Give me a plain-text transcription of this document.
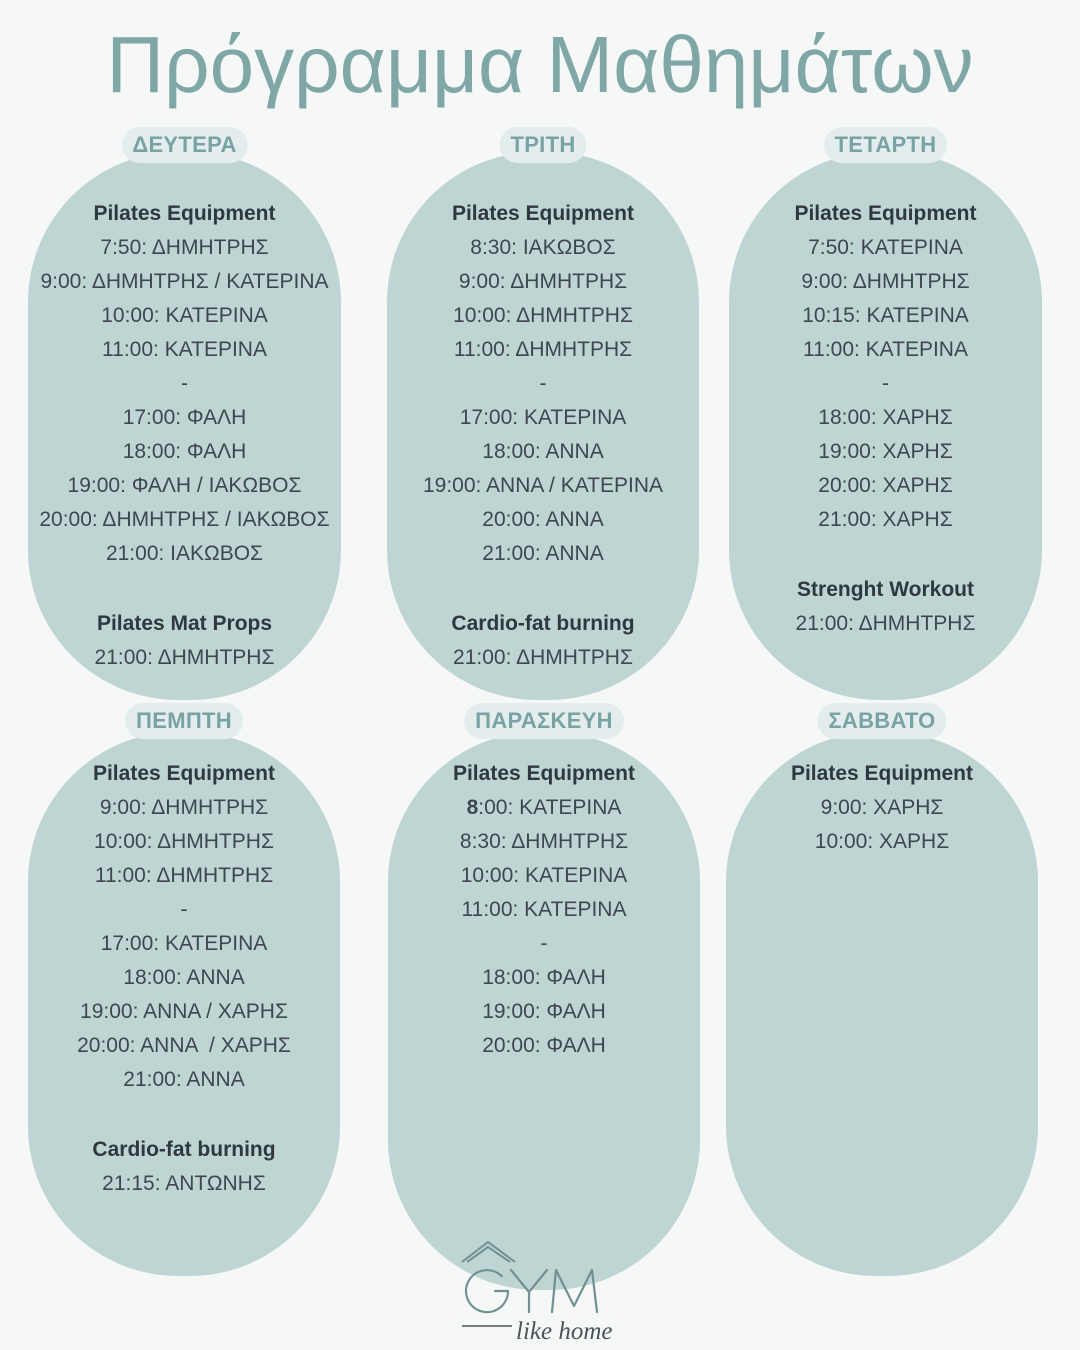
Πρόγραμμα Μαθημάτων
ΔΕΥΤΕΡΑ
Pilates Equipment
7:50: ΔΗΜΗΤΡΗΣ
9:00: ΔΗΜΗΤΡΗΣ / ΚΑΤΕΡΙΝΑ
10:00: ΚΑΤΕΡΙΝΑ
11:00: ΚΑΤΕΡΙΝΑ
-
17:00: ΦΑΛΗ
18:00: ΦΑΛΗ
19:00: ΦΑΛΗ / ΙΑΚΩΒΟΣ
20:00: ΔΗΜΗΤΡΗΣ / ΙΑΚΩΒΟΣ
21:00: ΙΑΚΩΒΟΣ
Pilates Mat Props
21:00: ΔΗΜΗΤΡΗΣ
ΤΡΙΤΗ
Pilates Equipment
8:30: ΙΑΚΩΒΟΣ
9:00: ΔΗΜΗΤΡΗΣ
10:00: ΔΗΜΗΤΡΗΣ
11:00: ΔΗΜΗΤΡΗΣ
-
17:00: ΚΑΤΕΡΙΝΑ
18:00: ΑΝΝΑ
19:00: ΑΝΝΑ / ΚΑΤΕΡΙΝΑ
20:00: ΑΝΝΑ
21:00: ΑΝΝΑ
Cardio-fat burning
21:00: ΔΗΜΗΤΡΗΣ
ΤΕΤΑΡΤΗ
Pilates Equipment
7:50: ΚΑΤΕΡΙΝΑ
9:00: ΔΗΜΗΤΡΗΣ
10:15: ΚΑΤΕΡΙΝΑ
11:00: ΚΑΤΕΡΙΝΑ
-
18:00: ΧΑΡΗΣ
19:00: ΧΑΡΗΣ
20:00: ΧΑΡΗΣ
21:00: ΧΑΡΗΣ
Strenght Workout
21:00: ΔΗΜΗΤΡΗΣ
ΠΕΜΠΤΗ
Pilates Equipment
9:00: ΔΗΜΗΤΡΗΣ
10:00: ΔΗΜΗΤΡΗΣ
11:00: ΔΗΜΗΤΡΗΣ
-
17:00: ΚΑΤΕΡΙΝΑ
18:00: ΑΝΝΑ
19:00: ΑΝΝΑ / ΧΑΡΗΣ
20:00: ΑΝΝΑ  / ΧΑΡΗΣ
21:00: ΑΝΝΑ
Cardio-fat burning
21:15: ΑΝΤΩΝΗΣ
ΠΑΡΑΣΚΕΥΗ
Pilates Equipment
8:00: ΚΑΤΕΡΙΝΑ
8:30: ΔΗΜΗΤΡΗΣ
10:00: ΚΑΤΕΡΙΝΑ
11:00: ΚΑΤΕΡΙΝΑ
-
18:00: ΦΑΛΗ
19:00: ΦΑΛΗ
20:00: ΦΑΛΗ
ΣΑΒΒΑΤΟ
Pilates Equipment
9:00: ΧΑΡΗΣ
10:00: ΧΑΡΗΣ
like home
